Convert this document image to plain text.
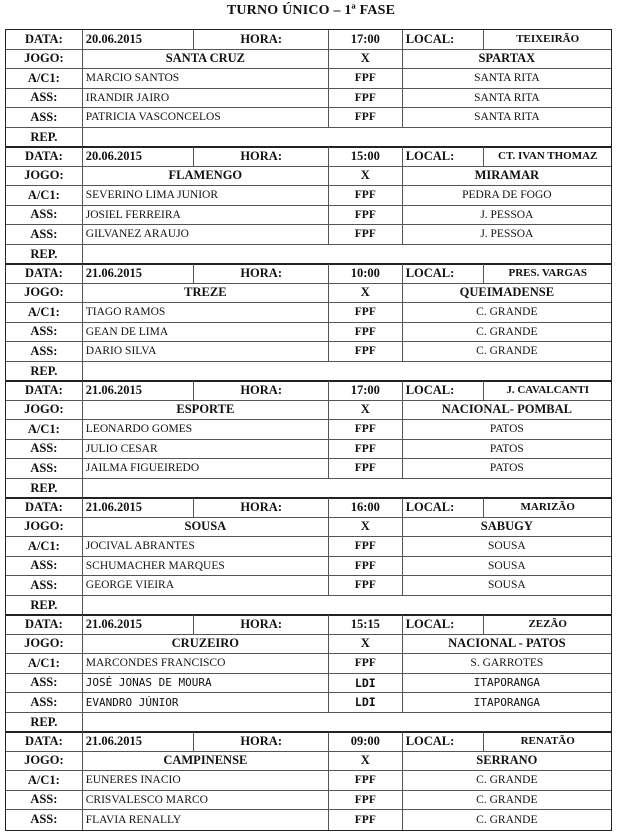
TURNO ÚNICO – 1ª FASE
DATA:	20.06.2015	HORA:	17:00	LOCAL:	TEIXEIRÃO
JOGO:	SANTA CRUZ	X	SPARTAX
A/C1:	MARCIO SANTOS	FPF	SANTA RITA
ASS:	IRANDIR JAIRO	FPF	SANTA RITA
ASS:	PATRICIA VASCONCELOS	FPF	SANTA RITA
REP.
DATA:	20.06.2015	HORA:	15:00	LOCAL:	CT. IVAN THOMAZ
JOGO:	FLAMENGO	X	MIRAMAR
A/C1:	SEVERINO LIMA JUNIOR	FPF	PEDRA DE FOGO
ASS:	JOSIEL FERREIRA	FPF	J. PESSOA
ASS:	GILVANEZ ARAUJO	FPF	J. PESSOA
REP.
DATA:	21.06.2015	HORA:	10:00	LOCAL:	PRES. VARGAS
JOGO:	TREZE	X	QUEIMADENSE
A/C1:	TIAGO RAMOS	FPF	C. GRANDE
ASS:	GEAN DE LIMA	FPF	C. GRANDE
ASS:	DARIO SILVA	FPF	C. GRANDE
REP.
DATA:	21.06.2015	HORA:	17:00	LOCAL:	J. CAVALCANTI
JOGO:	ESPORTE	X	NACIONAL- POMBAL
A/C1:	LEONARDO GOMES	FPF	PATOS
ASS:	JULIO CESAR	FPF	PATOS
ASS:	JAILMA FIGUEIREDO	FPF	PATOS
REP.
DATA:	21.06.2015	HORA:	16:00	LOCAL:	MARIZÃO
JOGO:	SOUSA	X	SABUGY
A/C1:	JOCIVAL ABRANTES	FPF	SOUSA
ASS:	SCHUMACHER MARQUES	FPF	SOUSA
ASS:	GEORGE VIEIRA	FPF	SOUSA
REP.
DATA:	21.06.2015	HORA:	15:15	LOCAL:	ZEZÃO
JOGO:	CRUZEIRO	X	NACIONAL - PATOS
A/C1:	MARCONDES FRANCISCO	FPF	S. GARROTES
ASS:	JOSÉ JONAS DE MOURA	LDI	ITAPORANGA
ASS:	EVANDRO JÚNIOR	LDI	ITAPORANGA
REP.
DATA:	21.06.2015	HORA:	09:00	LOCAL:	RENATÃO
JOGO:	CAMPINENSE	X	SERRANO
A/C1:	EUNERES INACIO	FPF	C. GRANDE
ASS:	CRISVALESCO MARCO	FPF	C. GRANDE
ASS:	FLAVIA RENALLY	FPF	C. GRANDE
